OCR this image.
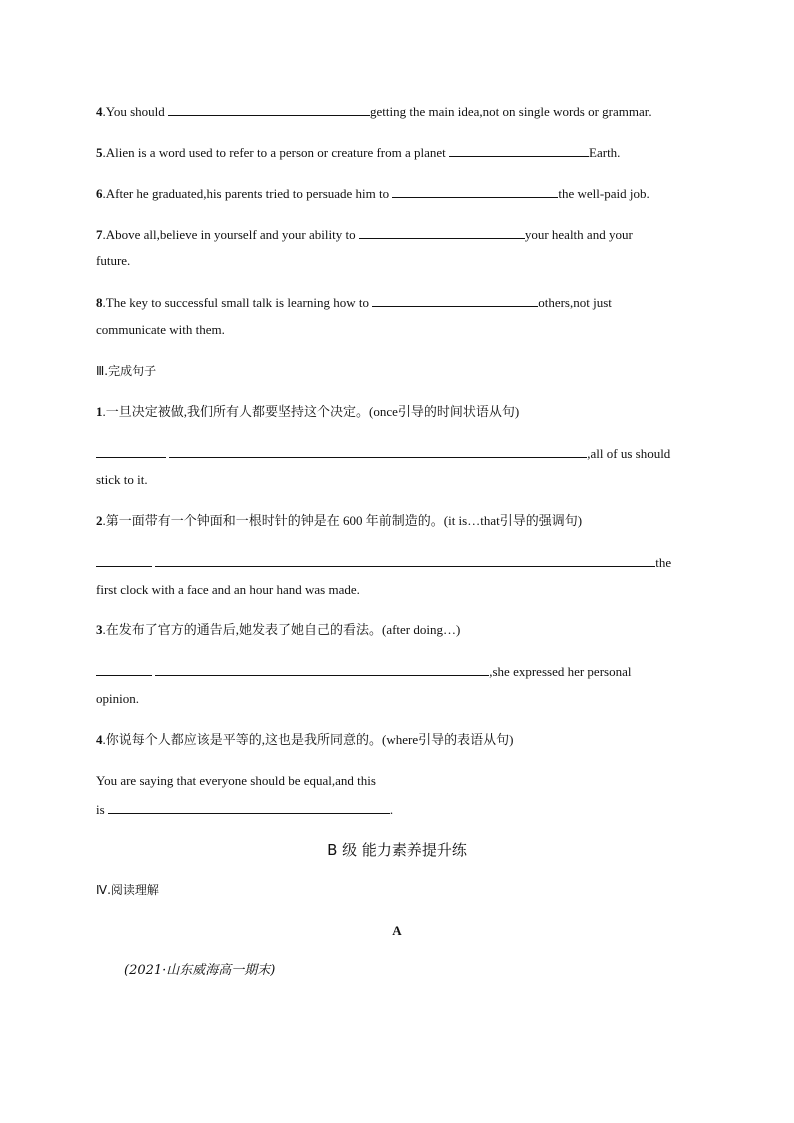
4.You should	getting the main idea,not on single words or grammar.
5.Alien is a word used to refer to a person or creature from a planet	Earth.
6.After he graduated,his parents tried to persuade him to	the well-paid job.
7.Above all,believe in yourself and your ability to	your health and your
future.
8.The key to successful small talk is learning how to	others,not just
communicate with them.
Ⅲ.完成句子
1.一旦决定被做,我们所有人都要坚持这个决定。(once引导的时间状语从句)
,all of us should
stick to it.
2.第一面带有一个钟面和一根时针的钟是在 600 年前制造的。(it is…that引导的强调句)
the
first clock with a face and an hour hand was made.
3.在发布了官方的通告后,她发表了她自己的看法。(after doing…)
,she expressed her personal
opinion.
4.你说每个人都应该是平等的,这也是我所同意的。(where引导的表语从句)
You are saying that everyone should be equal,and this
is	.
B 级 能力素养提升练
Ⅳ.阅读理解
A
(2021·山东威海高一期末)
